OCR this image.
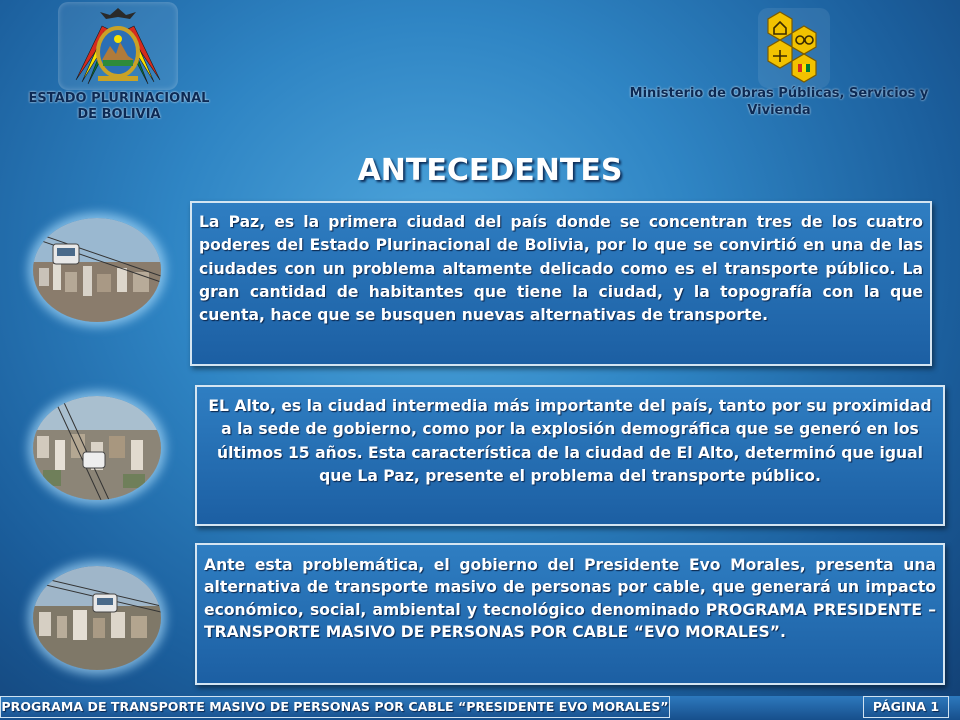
ESTADO PLURINACIONAL DE BOLIVIA
Ministerio de Obras Públicas, Servicios y Vivienda
ANTECEDENTES
La Paz, es la primera ciudad del país donde se concentran tres de los cuatro poderes del Estado Plurinacional de Bolivia, por lo que se convirtió en una de las ciudades con un problema altamente delicado como es el transporte público. La gran cantidad de habitantes que tiene la ciudad, y la topografía con la que cuenta, hace que se busquen nuevas alternativas de transporte.
EL Alto, es la ciudad intermedia más importante del país, tanto por su proximidad a la sede de gobierno, como por la explosión demográfica que se generó en los últimos 15 años. Esta característica de la ciudad de El Alto, determinó que igual que La Paz, presente el problema del transporte público.
Ante esta problemática, el gobierno del Presidente Evo Morales, presenta una alternativa de transporte masivo de personas por cable, que generará un impacto económico, social, ambiental y tecnológico denominado PROGRAMA PRESIDENTE – TRANSPORTE MASIVO DE PERSONAS POR CABLE “EVO MORALES”.
PROGRAMA DE TRANSPORTE MASIVO DE PERSONAS POR CABLE “PRESIDENTE EVO MORALES”	PÁGINA 1
